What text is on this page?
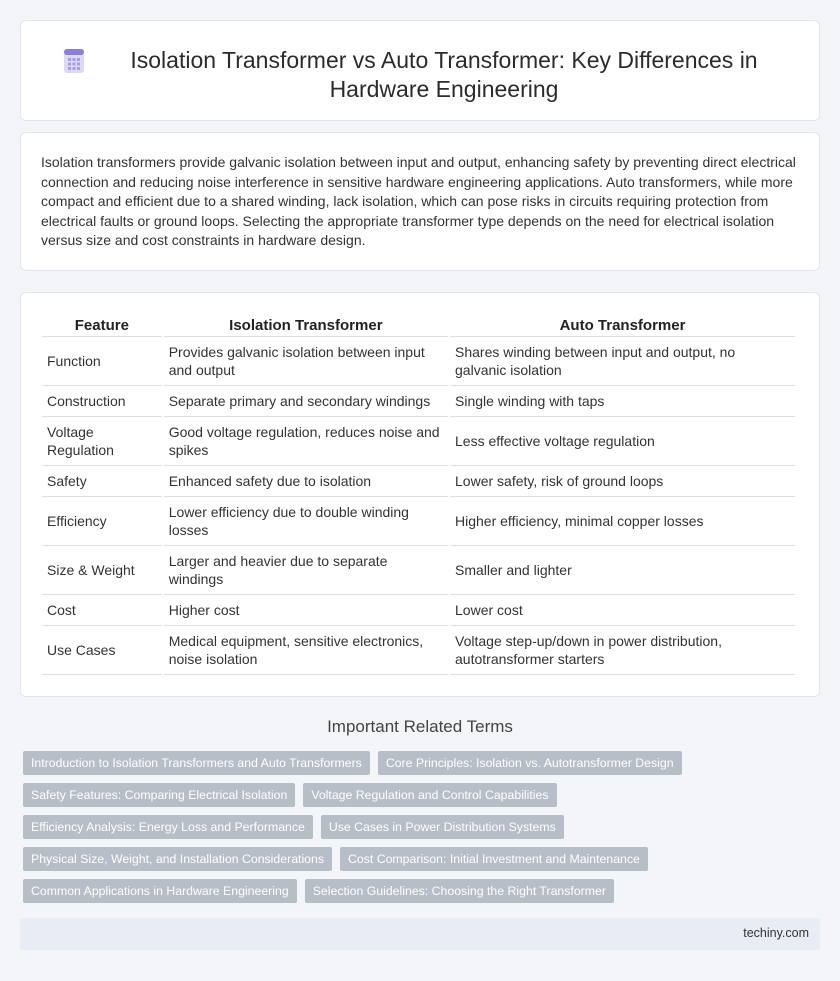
Isolation Transformer vs Auto Transformer: Key Differences in Hardware Engineering

Isolation transformers provide galvanic isolation between input and output, enhancing safety by preventing direct electrical connection and reducing noise interference in sensitive hardware engineering applications. Auto transformers, while more compact and efficient due to a shared winding, lack isolation, which can pose risks in circuits requiring protection from electrical faults or ground loops. Selecting the appropriate transformer type depends on the need for electrical isolation versus size and cost constraints in hardware design.

Feature	Isolation Transformer	Auto Transformer
Function	Provides galvanic isolation between input and output	Shares winding between input and output, no galvanic isolation
Construction	Separate primary and secondary windings	Single winding with taps
Voltage Regulation	Good voltage regulation, reduces noise and spikes	Less effective voltage regulation
Safety	Enhanced safety due to isolation	Lower safety, risk of ground loops
Efficiency	Lower efficiency due to double winding losses	Higher efficiency, minimal copper losses
Size & Weight	Larger and heavier due to separate windings	Smaller and lighter
Cost	Higher cost	Lower cost
Use Cases	Medical equipment, sensitive electronics, noise isolation	Voltage step-up/down in power distribution, autotransformer starters
Important Related Terms
Introduction to Isolation Transformers and Auto Transformers	Core Principles: Isolation vs. Autotransformer Design
Safety Features: Comparing Electrical Isolation	Voltage Regulation and Control Capabilities
Efficiency Analysis: Energy Loss and Performance	Use Cases in Power Distribution Systems
Physical Size, Weight, and Installation Considerations	Cost Comparison: Initial Investment and Maintenance
Common Applications in Hardware Engineering	Selection Guidelines: Choosing the Right Transformer
techiny.com
